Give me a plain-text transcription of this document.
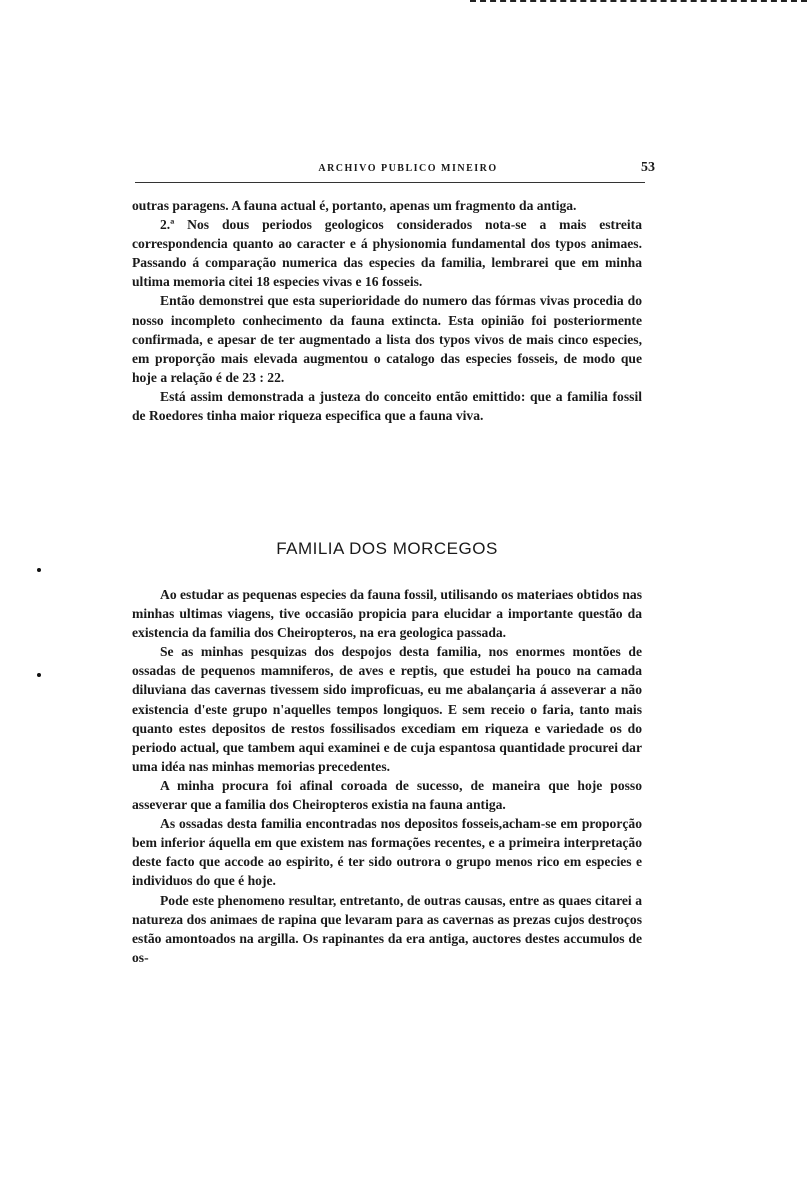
ARCHIVO PUBLICO MINEIRO	53

outras paragens. A fauna actual é, portanto, apenas um fragmento da antiga.

2.ª Nos dous periodos geologicos considerados nota-se a mais estreita correspondencia quanto ao caracter e á physionomia fundamental dos typos animaes. Passando á comparação numerica das especies da familia, lembrarei que em minha ultima memoria citei 18 especies vivas e 16 fosseis.

Então demonstrei que esta superioridade do numero das fórmas vivas procedia do nosso incompleto conhecimento da fauna extincta. Esta opinião foi posteriormente confirmada, e apesar de ter augmentado a lista dos typos vivos de mais cinco especies, em proporção mais elevada augmentou o catalogo das especies fosseis, de modo que hoje a relação é de 23 : 22.

Está assim demonstrada a justeza do conceito então emittido: que a familia fossil de Roedores tinha maior riqueza especifica que a fauna viva.

FAMILIA DOS MORCEGOS

Ao estudar as pequenas especies da fauna fossil, utilisando os materiaes obtidos nas minhas ultimas viagens, tive occasião propicia para elucidar a importante questão da existencia da familia dos Cheiropteros, na era geologica passada.

Se as minhas pesquizas dos despojos desta familia, nos enormes montões de ossadas de pequenos mamniferos, de aves e reptis, que estudei ha pouco na camada diluviana das cavernas tivessem sido improficuas, eu me abalançaria á asseverar a não existencia d'este grupo n'aquelles tempos longiquos. E sem receio o faria, tanto mais quanto estes depositos de restos fossilisados excediam em riqueza e variedade os do periodo actual, que tambem aqui examinei e de cuja espantosa quantidade procurei dar uma idéa nas minhas memorias precedentes.

A minha procura foi afinal coroada de sucesso, de maneira que hoje posso asseverar que a familia dos Cheiropteros existia na fauna antiga.

As ossadas desta familia encontradas nos depositos fosseis,acham-se em proporção bem inferior áquella em que existem nas formações recentes, e a primeira interpretação deste facto que accode ao espirito, é ter sido outrora o grupo menos rico em especies e individuos do que é hoje.

Pode este phenomeno resultar, entretanto, de outras causas, entre as quaes citarei a natureza dos animaes de rapina que levaram para as cavernas as prezas cujos destroços estão amontoados na argilla. Os rapinantes da era antiga, auctores destes accumulos de os-
